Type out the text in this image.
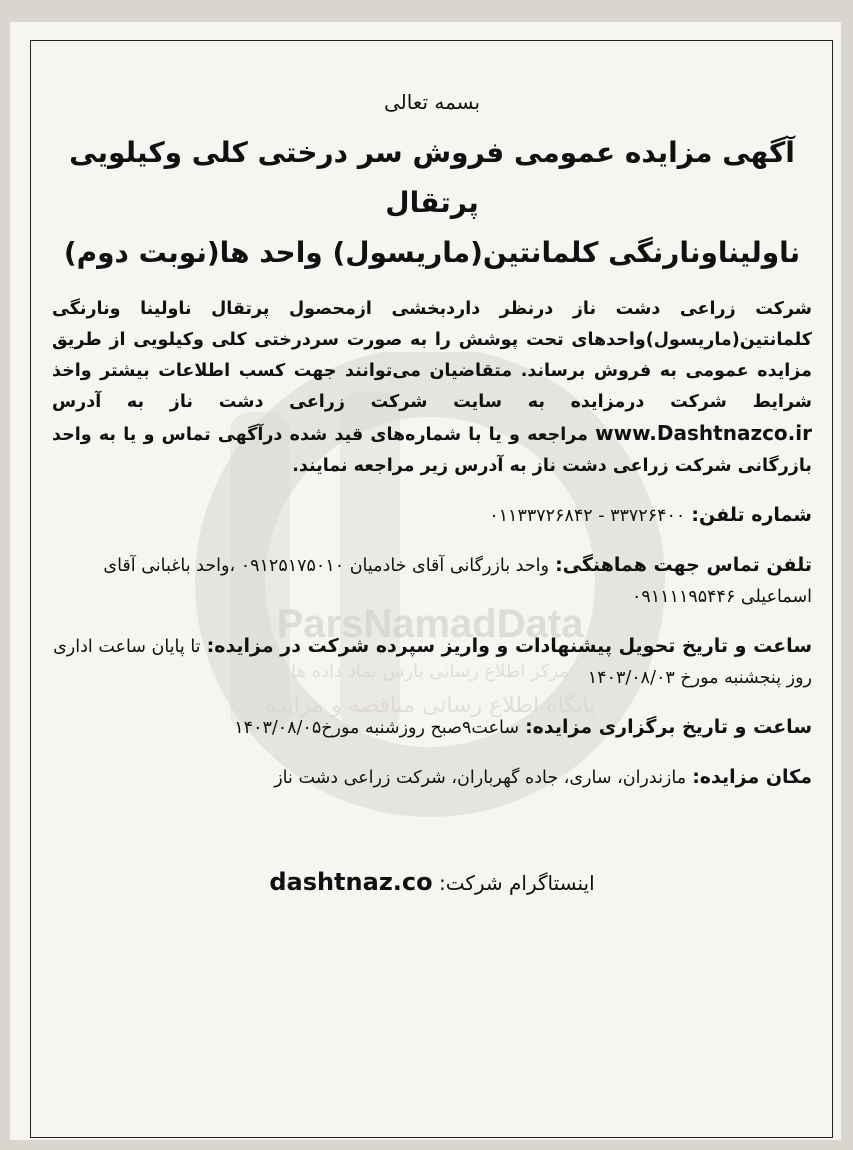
ParsNamadData
مرکز اطلاع رسانی پارس نماد داده ها
پایگاه اطلاع رسانی مناقصه و مزایده
بسمه تعالی
آگهی مزایده عمومی فروش سر درختی کلی وکیلویی پرتقال
ناولیناونارنگی کلمانتین(ماریسول) واحد ها(نوبت دوم)
شرکت زراعی دشت ناز درنظر داردبخشی ازمحصول پرتقال ناولینا ونارنگی کلمانتین(ماریسول)واحدهای تحت پوشش را به صورت سردرختی کلی وکیلویی از طریق مزایده عمومی به فروش برساند. متقاضیان می‌توانند جهت کسب اطلاعات بیشتر واخذ شرایط شرکت درمزایده به سایت شرکت زراعی دشت ناز به آدرس www.Dashtnazco.ir مراجعه و یا با شماره‌های قید شده درآگهی تماس و یا به واحد بازرگانی شرکت زراعی دشت ناز به آدرس زیر مراجعه نمایند.
شماره تلفن: ۳۳۷۲۶۴۰۰ - ۰۱۱۳۳۷۲۶۸۴۲
تلفن تماس جهت هماهنگی: واحد بازرگانی آقای خادمیان ۰۹۱۲۵۱۷۵۰۱۰ ،واحد باغبانی آقای اسماعیلی ۰۹۱۱۱۱۹۵۴۴۶
ساعت و تاریخ تحویل پیشنهادات و واریز سپرده شرکت در مزایده: تا پایان ساعت اداری روز پنجشنبه مورخ ۱۴۰۳/۰۸/۰۳
ساعت و تاریخ برگزاری مزایده: ساعت۹صبح روزشنبه مورخ۱۴۰۳/۰۸/۰۵
مکان مزایده: مازندران، ساری، جاده گهرباران، شرکت زراعی دشت ناز
اینستاگرام شرکت: dashtnaz.co
